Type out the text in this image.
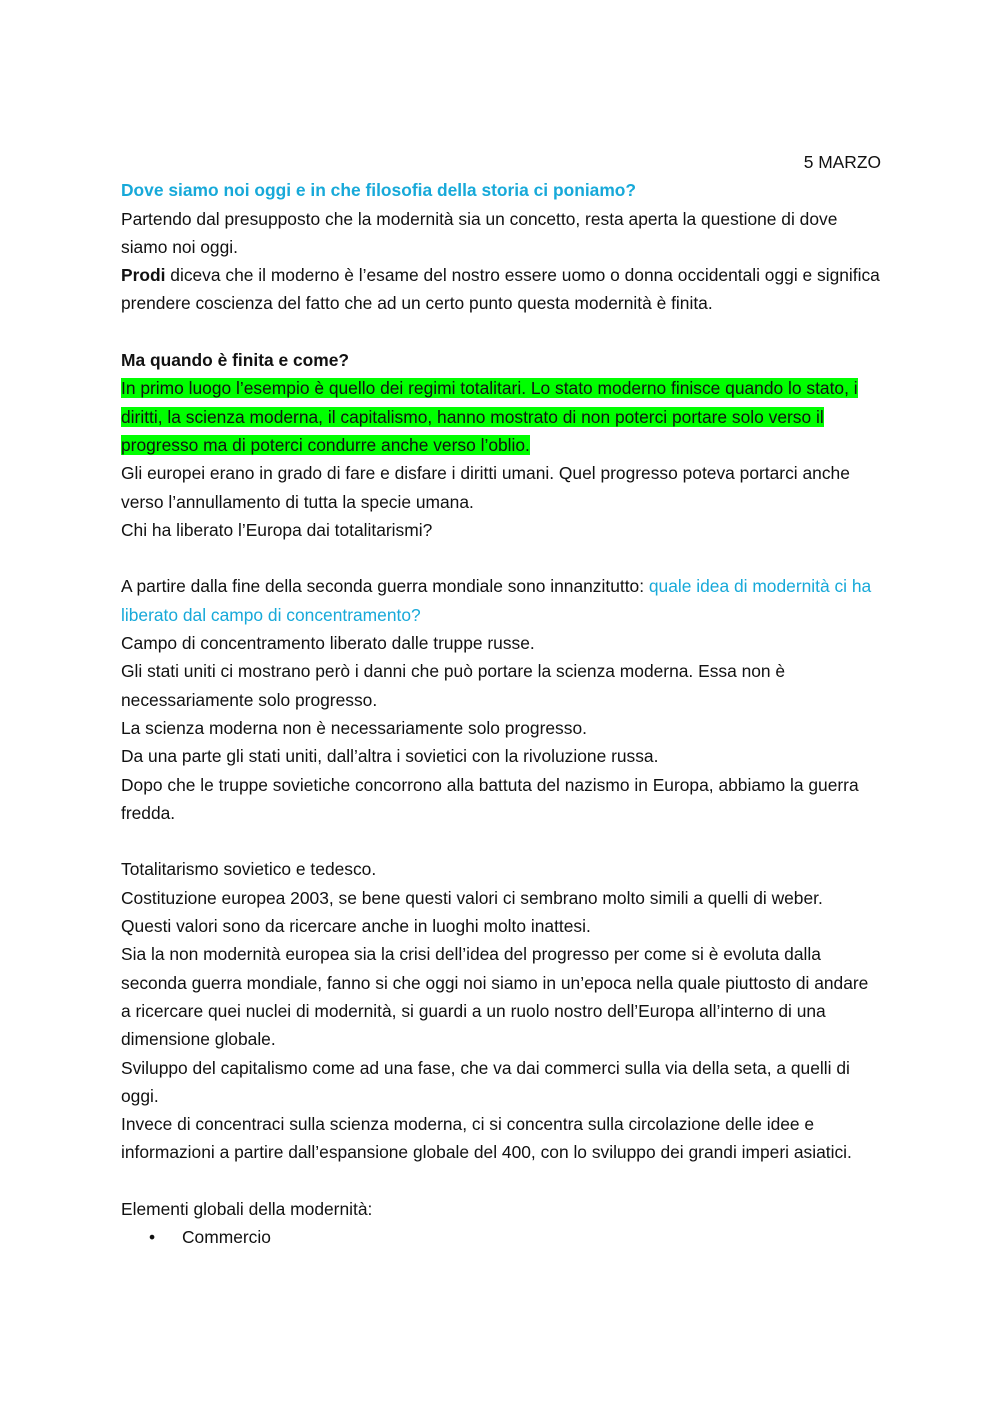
5 MARZO

Dove siamo noi oggi e in che filosofia della storia ci poniamo?

Partendo dal presupposto che la modernità sia un concetto, resta aperta la questione di dove siamo noi oggi.

Prodi diceva che il moderno è l’esame del nostro essere uomo o donna occidentali oggi e significa prendere coscienza del fatto che ad un certo punto questa modernità è finita.

Ma quando è finita e come?

In primo luogo l’esempio è quello dei regimi totalitari. Lo stato moderno finisce quando lo stato, i diritti, la scienza moderna, il capitalismo, hanno mostrato di non poterci portare solo verso il progresso ma di poterci condurre anche verso l’oblio.

Gli europei erano in grado di fare e disfare i diritti umani. Quel progresso poteva portarci anche verso l’annullamento di tutta la specie umana.

Chi ha liberato l’Europa dai totalitarismi?

A partire dalla fine della seconda guerra mondiale sono innanzitutto: quale idea di modernità ci ha liberato dal campo di concentramento?

Campo di concentramento liberato dalle truppe russe.

Gli stati uniti ci mostrano però i danni che può portare la scienza moderna. Essa non è necessariamente solo progresso.

La scienza moderna non è necessariamente solo progresso.

Da una parte gli stati uniti, dall’altra i sovietici con la rivoluzione russa.

Dopo che le truppe sovietiche concorrono alla battuta del nazismo in Europa, abbiamo la guerra fredda.

Totalitarismo sovietico e tedesco.

Costituzione europea 2003, se bene questi valori ci sembrano molto simili a quelli di weber.

Questi valori sono da ricercare anche in luoghi molto inattesi.

Sia la non modernità europea sia la crisi dell’idea del progresso per come si è evoluta dalla seconda guerra mondiale, fanno si che oggi noi siamo in un’epoca nella quale piuttosto di andare a ricercare quei nuclei di modernità, si guardi a un ruolo nostro dell’Europa all’interno di una dimensione globale.

Sviluppo del capitalismo come ad una fase, che va dai commerci sulla via della seta, a quelli di oggi.

Invece di concentraci sulla scienza moderna, ci si concentra sulla circolazione delle idee e informazioni a partire dall’espansione globale del 400, con lo sviluppo dei grandi imperi asiatici.

Elementi globali della modernità:

• Commercio
